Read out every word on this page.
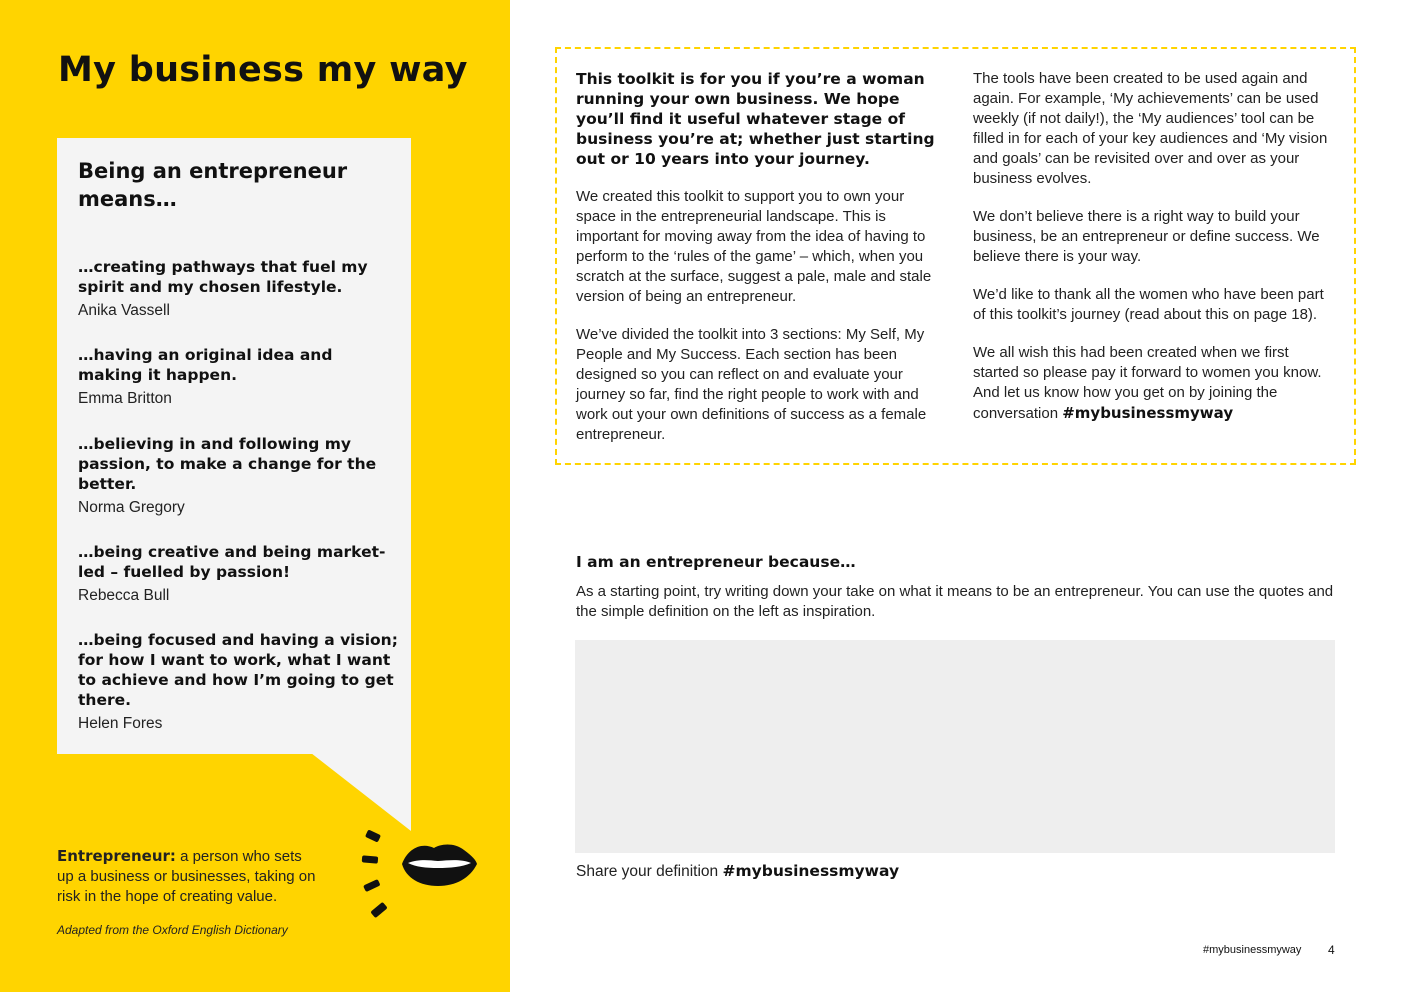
My business my way
Being an entrepreneur means…
…creating pathways that fuel my spirit and my chosen lifestyle.
Anika Vassell
…having an original idea and making it happen.
Emma Britton
…believing in and following my passion, to make a change for the better.
Norma Gregory
…being creative and being market-led – fuelled by passion!
Rebecca Bull
…being focused and having a vision; for how I want to work, what I want to achieve and how I’m going to get there.
Helen Fores
Entrepreneur: a person who sets up a business or businesses, taking on risk in the hope of creating value.
Adapted from the Oxford English Dictionary

This toolkit is for you if you’re a woman running your own business. We hope you’ll find it useful whatever stage of business you’re at; whether just starting out or 10 years into your journey.

We created this toolkit to support you to own your space in the entrepreneurial landscape. This is important for moving away from the idea of having to perform to the ‘rules of the game’ – which, when you scratch at the surface, suggest a pale, male and stale version of being an entrepreneur.

We’ve divided the toolkit into 3 sections: My Self, My People and My Success. Each section has been designed so you can reflect on and evaluate your journey so far, find the right people to work with and work out your own definitions of success as a female entrepreneur.

The tools have been created to be used again and again. For example, ‘My achievements’ can be used weekly (if not daily!), the ‘My audiences’ tool can be filled in for each of your key audiences and ‘My vision and goals’ can be revisited over and over as your business evolves.

We don’t believe there is a right way to build your business, be an entrepreneur or define success. We believe there is your way.

We’d like to thank all the women who have been part of this toolkit’s journey (read about this on page 18).

We all wish this had been created when we first started so please pay it forward to women you know. And let us know how you get on by joining the conversation #mybusinessmyway

I am an entrepreneur because…
As a starting point, try writing down your take on what it means to be an entrepreneur. You can use the quotes and the simple definition on the left as inspiration.
Share your definition #mybusinessmyway
#mybusinessmyway 4
